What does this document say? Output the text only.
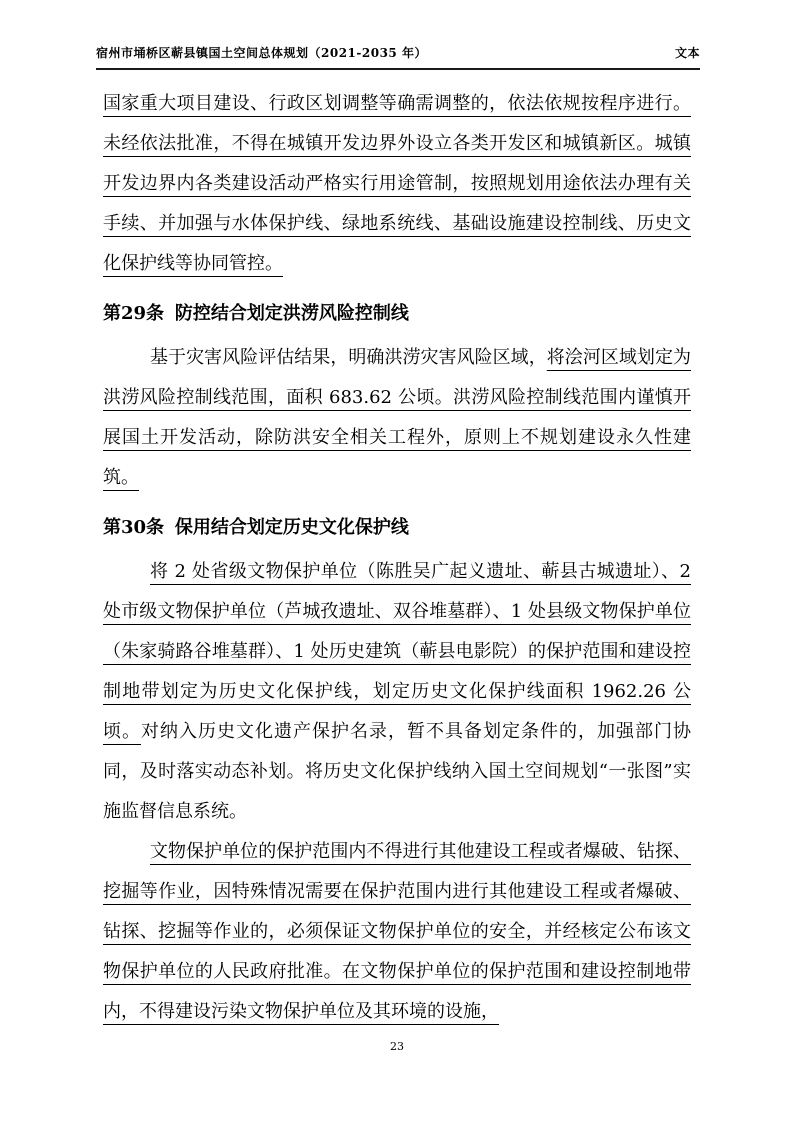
宿州市埇桥区蕲县镇国土空间总体规划（2021-2035 年）	文本

国家重大项目建设、行政区划调整等确需调整的，依法依规按程序进行。未经依法批准，不得在城镇开发边界外设立各类开发区和城镇新区。城镇开发边界内各类建设活动严格实行用途管制，按照规划用途依法办理有关手续、并加强与水体保护线、绿地系统线、基础设施建设控制线、历史文化保护线等协同管控。

第29条 防控结合划定洪涝风险控制线

基于灾害风险评估结果，明确洪涝灾害风险区域，将浍河区域划定为洪涝风险控制线范围，面积 683.62 公顷。洪涝风险控制线范围内谨慎开展国土开发活动，除防洪安全相关工程外，原则上不规划建设永久性建筑。

第30条 保用结合划定历史文化保护线

将 2 处省级文物保护单位（陈胜吴广起义遗址、蕲县古城遗址）、2 处市级文物保护单位（芦城孜遗址、双谷堆墓群）、1 处县级文物保护单位（朱家骑路谷堆墓群）、1 处历史建筑（蕲县电影院）的保护范围和建设控制地带划定为历史文化保护线，划定历史文化保护线面积 1962.26 公顷。对纳入历史文化遗产保护名录，暂不具备划定条件的，加强部门协同，及时落实动态补划。将历史文化保护线纳入国土空间规划“一张图”实施监督信息系统。

文物保护单位的保护范围内不得进行其他建设工程或者爆破、钻探、挖掘等作业，因特殊情况需要在保护范围内进行其他建设工程或者爆破、钻探、挖掘等作业的，必须保证文物保护单位的安全，并经核定公布该文物保护单位的人民政府批准。在文物保护单位的保护范围和建设控制地带内，不得建设污染文物保护单位及其环境的设施，

23
